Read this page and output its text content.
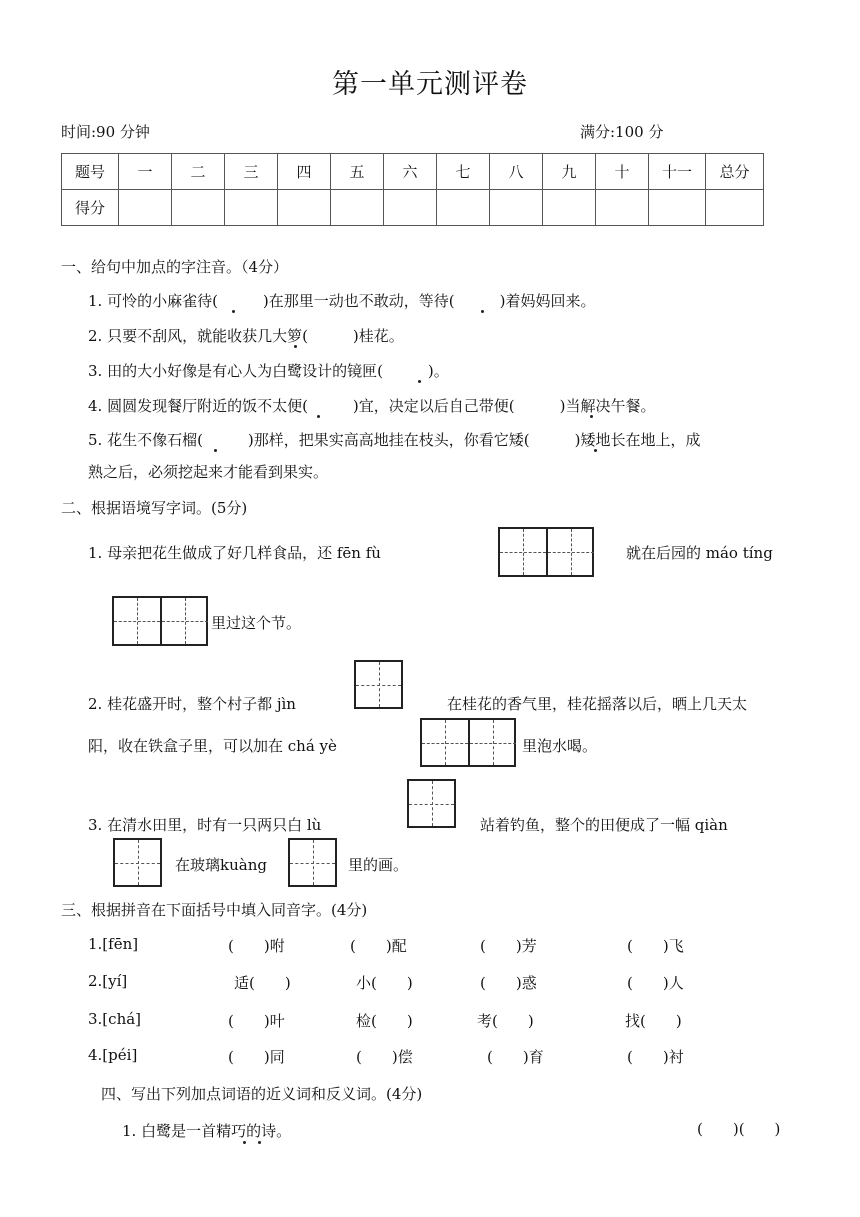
第一单元测评卷
时间:90 分钟	满分:100 分
题号	一	二	三	四	五	六	七	八	九	十	十一	总分
得分												
一、给句中加点的字注音。（4分）
1. 可怜的小麻雀待(　　　)在那里一动也不敢动，等待(　　　)着妈妈回来。
2. 只要不刮风，就能收获几大箩(　　　)桂花。
3. 田的大小好像是有心人为白鹭设计的镜匣(　　　)。
4. 圆圆发现餐厅附近的饭不太便(　　　)宜，决定以后自己带便(　　　)当解决午餐。
5. 花生不像石榴(　　　)那样，把果实高高地挂在枝头，你看它矮(　　　)矮地长在地上，成
熟之后，必须挖起来才能看到果实。
二、根据语境写字词。(5分)
1. 母亲把花生做成了好几样食品，还 fēn fù	就在后园的 máo tíng
里过这个节。
2. 桂花盛开时，整个村子都 jìn	在桂花的香气里，桂花摇落以后，晒上几天太
阳，收在铁盒子里，可以加在 chá yè	里泡水喝。
3. 在清水田里，时有一只两只白 lù	站着钓鱼，整个的田便成了一幅 qiàn
在玻璃kuàng	里的画。
三、根据拼音在下面括号中填入同音字。(4分)
1.[fēn]	(　　)咐	(　　)配	(　　)芳	(　　)飞
2.[yí]	适(　　)	小(　　)	(　　)惑	(　　)人
3.[chá]	(　　)叶	检(　　)	考(　　)	找(　　)
4.[péi]	(　　)同	(　　)偿	(　　)育	(　　)衬
四、写出下列加点词语的近义词和反义词。(4分)
1. 白鹭是一首精巧的诗。	(　　)(　　)
